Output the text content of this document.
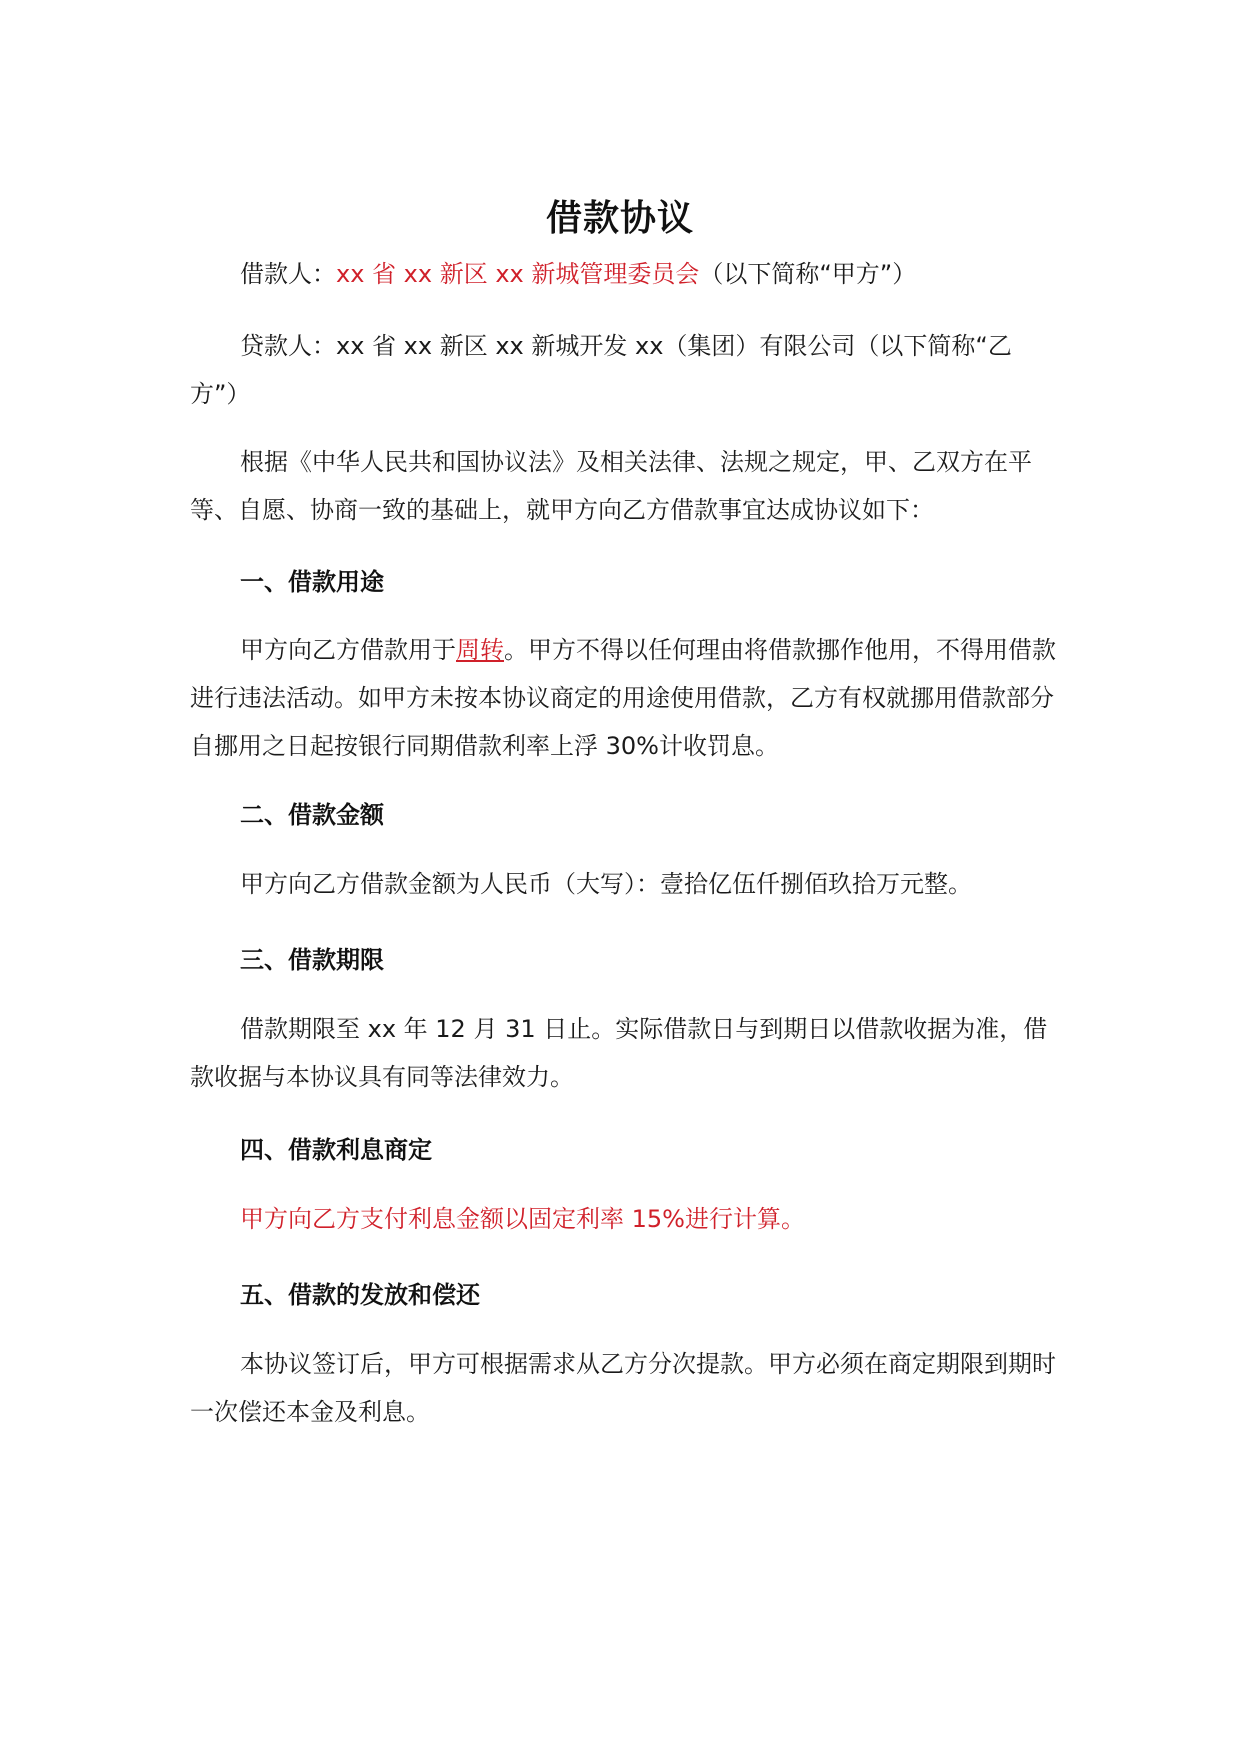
借款协议
借款人：xx 省 xx 新区 xx 新城管理委员会（以下简称“甲方”）
贷款人：xx 省 xx 新区 xx 新城开发 xx（集团）有限公司（以下简称“乙方”）
根据《中华人民共和国协议法》及相关法律、法规之规定，甲、乙双方在平等、自愿、协商一致的基础上，就甲方向乙方借款事宜达成协议如下：
一、借款用途
甲方向乙方借款用于周转。甲方不得以任何理由将借款挪作他用，不得用借款进行违法活动。如甲方未按本协议商定的用途使用借款，乙方有权就挪用借款部分自挪用之日起按银行同期借款利率上浮 30%计收罚息。
二、借款金额
甲方向乙方借款金额为人民币（大写）：壹拾亿伍仟捌佰玖拾万元整。
三、借款期限
借款期限至 xx 年 12 月 31 日止。实际借款日与到期日以借款收据为准，借款收据与本协议具有同等法律效力。
四、借款利息商定
甲方向乙方支付利息金额以固定利率 15%进行计算。
五、借款的发放和偿还
本协议签订后，甲方可根据需求从乙方分次提款。甲方必须在商定期限到期时一次偿还本金及利息。
